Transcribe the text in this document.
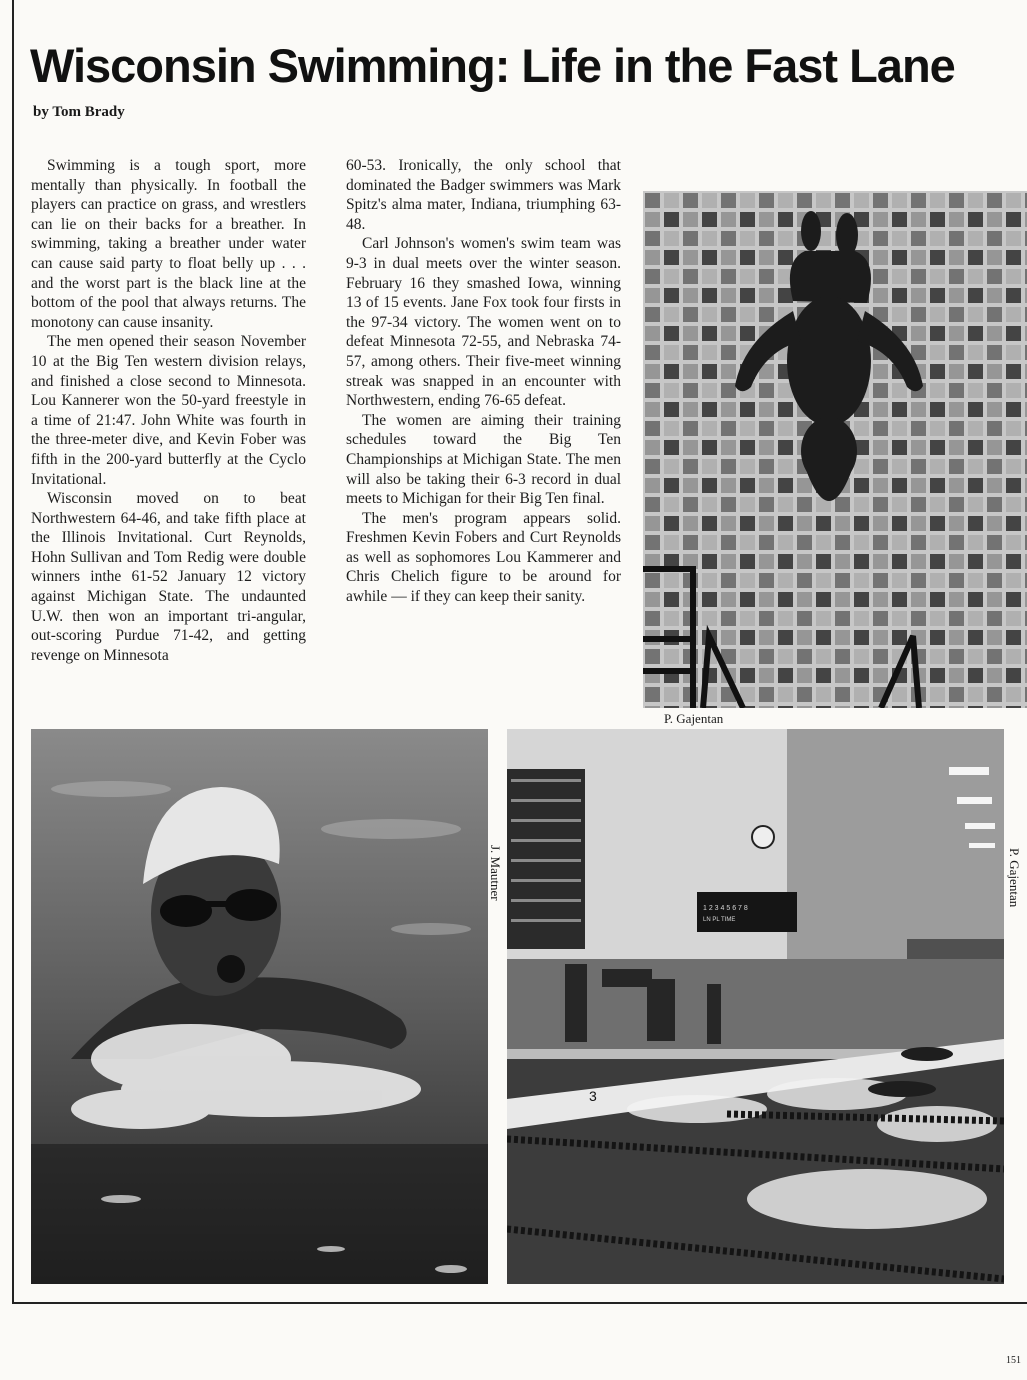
Wisconsin Swimming: Life in the Fast Lane
by Tom Brady

Swimming is a tough sport, more mentally than physically. In football the players can practice on grass, and wrestlers can lie on their backs for a breather. In swimming, taking a breather under water can cause said party to float belly up . . . and the worst part is the black line at the bottom of the pool that always returns. The monotony can cause insanity.

The men opened their season November 10 at the Big Ten western division relays, and finished a close second to Minnesota. Lou Kannerer won the 50-yard freestyle in a time of 21:47. John White was fourth in the three-meter dive, and Kevin Fober was fifth in the 200-yard butterfly at the Cyclo Invitational.

Wisconsin moved on to beat Northwestern 64-46, and take fifth place at the Illinois Invitational. Curt Reynolds, Hohn Sullivan and Tom Redig were double winners inthe 61-52 January 12 victory against Michigan State. The undaunted U.W. then won an important tri-angular, out-scoring Purdue 71-42, and getting revenge on Minnesota

60-53. Ironically, the only school that dominated the Badger swimmers was Mark Spitz's alma mater, Indiana, triumphing 63-48.

Carl Johnson's women's swim team was 9-3 in dual meets over the winter season. February 16 they smashed Iowa, winning 13 of 15 events. Jane Fox took four firsts in the 97-34 victory. The women went on to defeat Minnesota 72-55, and Nebraska 74-57, among others. Their five-meet winning streak was snapped in an encounter with Northwestern, ending 76-65 defeat.

The women are aiming their training schedules toward the Big Ten Championships at Michigan State. The men will also be taking their 6-3 record in dual meets to Michigan for their Big Ten final.

The men's program appears solid. Freshmen Kevin Fobers and Curt Reynolds as well as sophomores Lou Kammerer and Chris Chelich figure to be around for awhile — if they can keep their sanity.

P. Gajentan
J. Mautner
1 2 3 4 5 6 7 8
LN PL TIME
3
P. Gajentan
151
